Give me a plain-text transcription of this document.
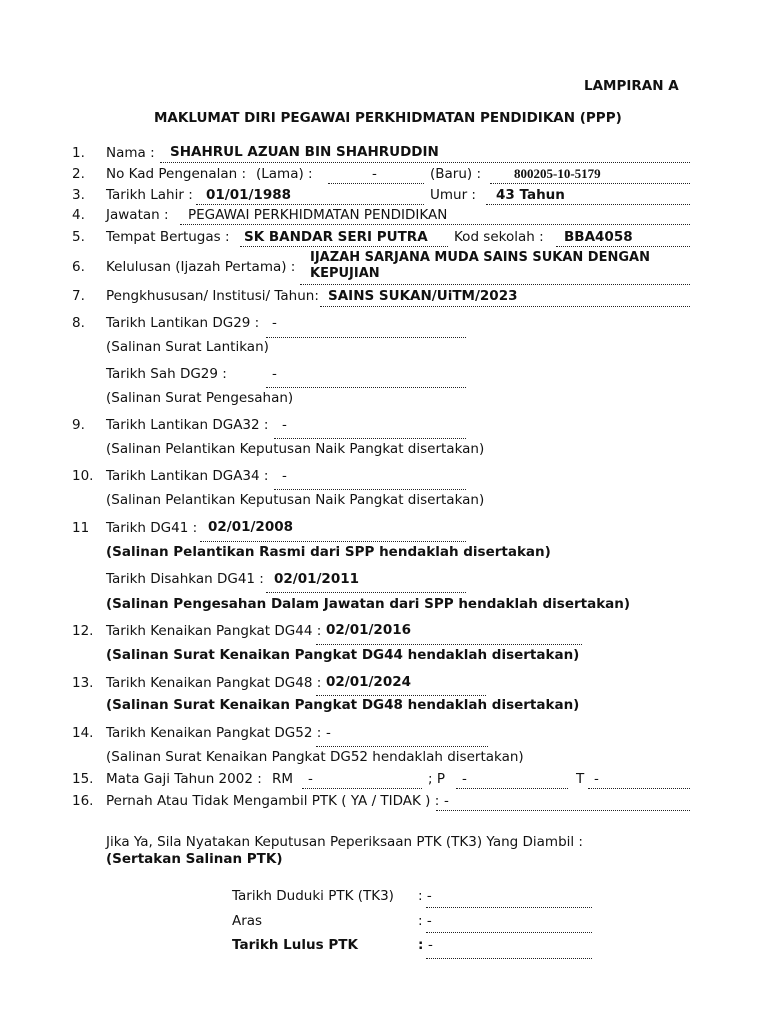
LAMPIRAN A
MAKLUMAT DIRI PEGAWAI PERKHIDMATAN PENDIDIKAN (PPP)
1. Nama : SHAHRUL AZUAN BIN SHAHRUDDIN
2. No Kad Pengenalan : (Lama) :	-	(Baru) :	800205-10-5179
3. Tarikh Lahir : 01/01/1988	Umur : 43 Tahun
4. Jawatan : PEGAWAI PERKHIDMATAN PENDIDIKAN
5. Tempat Bertugas : SK BANDAR SERI PUTRA Kod sekolah : BBA4058
6. Kelulusan (Ijazah Pertama) :
IJAZAH SARJANA MUDA SAINS SUKAN DENGAN
KEPUJIAN
7. Pengkhususan/ Institusi/ Tahun: SAINS SUKAN/UiTM/2023
8. Tarikh Lantikan DG29 : -
(Salinan Surat Lantikan)
Tarikh Sah DG29 :	-
(Salinan Surat Pengesahan)
9. Tarikh Lantikan DGA32 : -
(Salinan Pelantikan Keputusan Naik Pangkat disertakan)
10. Tarikh Lantikan DGA34 : -
(Salinan Pelantikan Keputusan Naik Pangkat disertakan)
11 Tarikh DG41 : 02/01/2008
(Salinan Pelantikan Rasmi dari SPP hendaklah disertakan)
Tarikh Disahkan DG41 : 02/01/2011
(Salinan Pengesahan Dalam Jawatan dari SPP hendaklah disertakan)
12. Tarikh Kenaikan Pangkat DG44 : 02/01/2016
(Salinan Surat Kenaikan Pangkat DG44 hendaklah disertakan)
13. Tarikh Kenaikan Pangkat DG48 : 02/01/2024
(Salinan Surat Kenaikan Pangkat DG48 hendaklah disertakan)
14. Tarikh Kenaikan Pangkat DG52 : -
(Salinan Surat Kenaikan Pangkat DG52 hendaklah disertakan)
15. Mata Gaji Tahun 2002 : RM -	; P -	T -
16. Pernah Atau Tidak Mengambil PTK ( YA / TIDAK ) : -
Jika Ya, Sila Nyatakan Keputusan Peperiksaan PTK (TK3) Yang Diambil :
(Sertakan Salinan PTK)
Tarikh Duduki PTK (TK3) : -
Aras	: -
Tarikh Lulus PTK	: -
